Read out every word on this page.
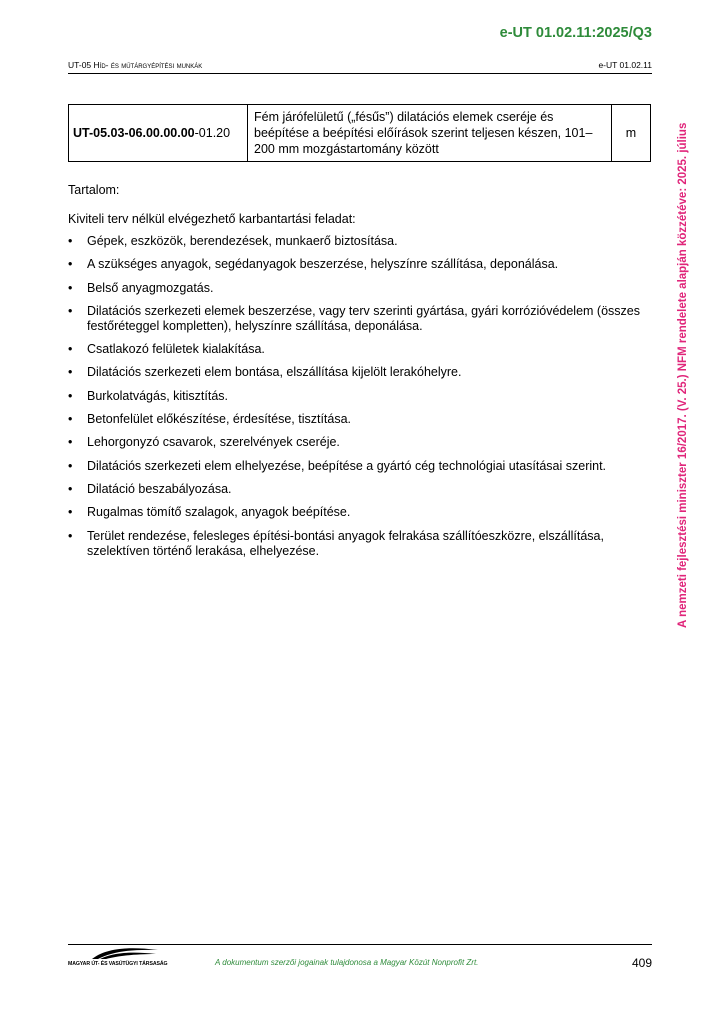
e-UT 01.02.11:2025/Q3
UT-05 Híd- és műtárgyépítési munkák	e-UT 01.02.11
UT-05.03-06.00.00.00-01.20	Fém járófelületű („fésűs”) dilatációs elemek cseréje és beépítése a beépítési előírások szerint teljesen készen, 101–200 mm mozgástartomány között	m

Tartalom:

Kiviteli terv nélkül elvégezhető karbantartási feladat:

• Gépek, eszközök, berendezések, munkaerő biztosítása.
• A szükséges anyagok, segédanyagok beszerzése, helyszínre szállítása, deponálása.
• Belső anyagmozgatás.
• Dilatációs szerkezeti elemek beszerzése, vagy terv szerinti gyártása, gyári korrózióvédelem (összes festőréteggel kompletten), helyszínre szállítása, deponálása.
• Csatlakozó felületek kialakítása.
• Dilatációs szerkezeti elem bontása, elszállítása kijelölt lerakóhelyre.
• Burkolatvágás, kitisztítás.
• Betonfelület előkészítése, érdesítése, tisztítása.
• Lehorgonyzó csavarok, szerelvények cseréje.
• Dilatációs szerkezeti elem elhelyezése, beépítése a gyártó cég technológiai utasításai szerint.
• Dilatáció beszabályozása.
• Rugalmas tömítő szalagok, anyagok beépítése.
• Terület rendezése, felesleges építési-bontási anyagok felrakása szállítóeszközre, elszállítása, szelektíven történő lerakása, elhelyezése.	A nemzeti fejlesztési miniszter 16/2017. (V. 25.) NFM rendelete alapján közzétéve: 2025. július
MAGYAR ÚT- ÉS VASÚTÜGYI TÁRSASÁG	A dokumentum szerzői jogainak tulajdonosa a Magyar Közút Nonprofit Zrt.	409
